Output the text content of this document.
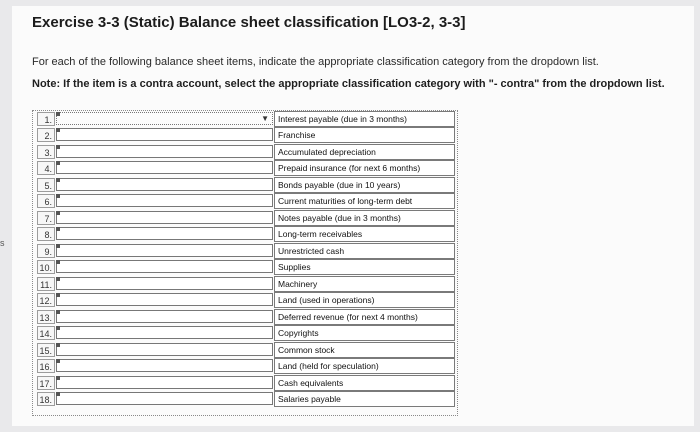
s
Exercise 3-3 (Static) Balance sheet classification [LO3-2, 3-3]
For each of the following balance sheet items, indicate the appropriate classification category from the dropdown list.
Note: If the item is a contra account, select the appropriate classification category with "- contra" from the dropdown list.
1.	▼	Interest payable (due in 3 months)
2.	Franchise
3.	Accumulated depreciation
4.	Prepaid insurance (for next 6 months)
5.	Bonds payable (due in 10 years)
6.	Current maturities of long-term debt
7.	Notes payable (due in 3 months)
8.	Long-term receivables
9.	Unrestricted cash
10.	Supplies
11.	Machinery
12.	Land (used in operations)
13.	Deferred revenue (for next 4 months)
14.	Copyrights
15.	Common stock
16.	Land (held for speculation)
17.	Cash equivalents
18.	Salaries payable
